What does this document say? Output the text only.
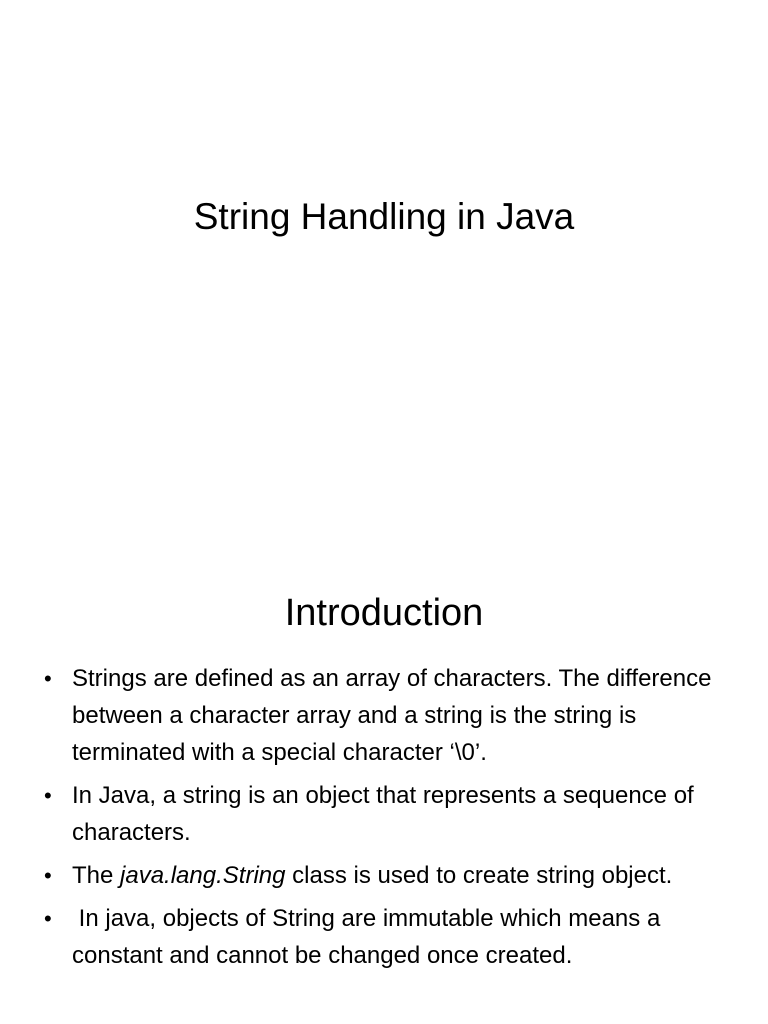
String Handling in Java
Introduction
• Strings are defined as an array of characters. The difference between a character array and a string is the string is terminated with a special character ‘\0’.
• In Java, a string is an object that represents a sequence of characters.
• The java.lang.String class is used to create string object.
• In java, objects of String are immutable which means a constant and cannot be changed once created.
